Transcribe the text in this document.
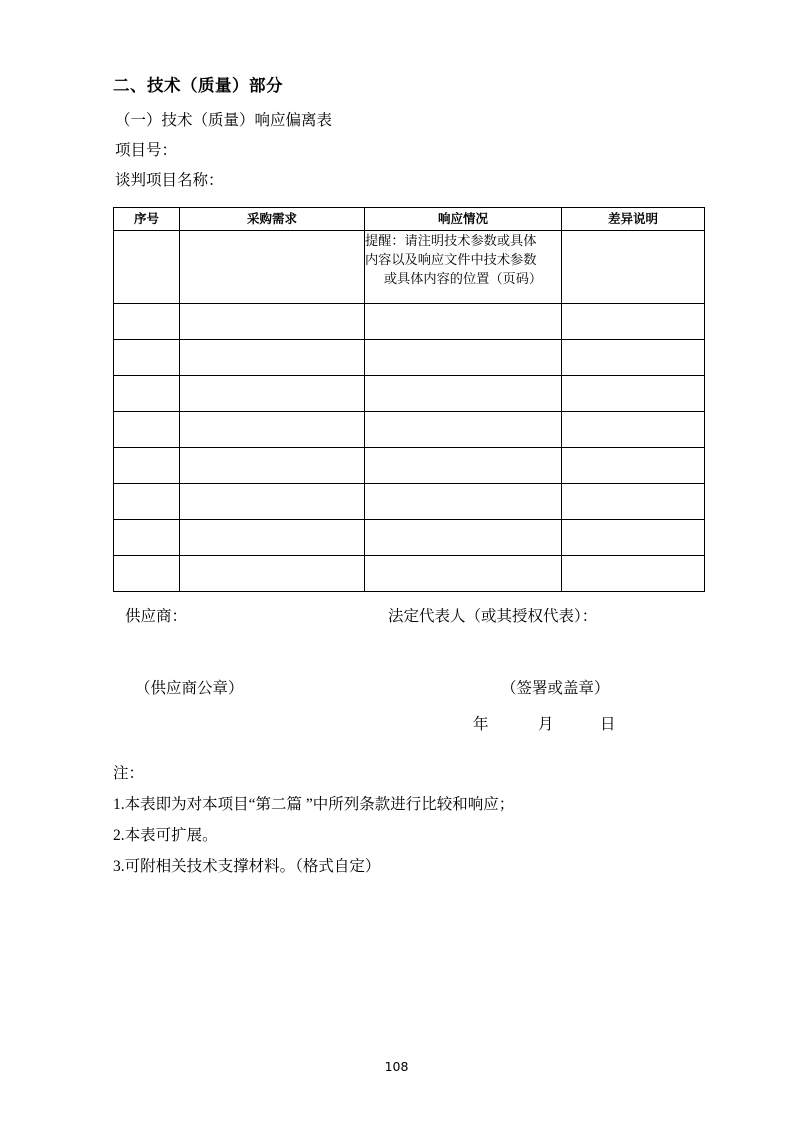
二、技术（质量）部分

（一）技术（质量）响应偏离表

项目号：

谈判项目名称：

序号	采购需求	响应情况	差异说明

		提醒：请注明技术参数或具体
内容以及响应文件中技术参数
或具体内容的位置（页码）	

供应商：	法定代表人（或其授权代表）：
（供应商公章）	（签署或盖章）
年	月	日

注：

1.本表即为对本项目“第二篇 ”中所列条款进行比较和响应；

2.本表可扩展。

3.可附相关技术支撑材料。（格式自定）

108
